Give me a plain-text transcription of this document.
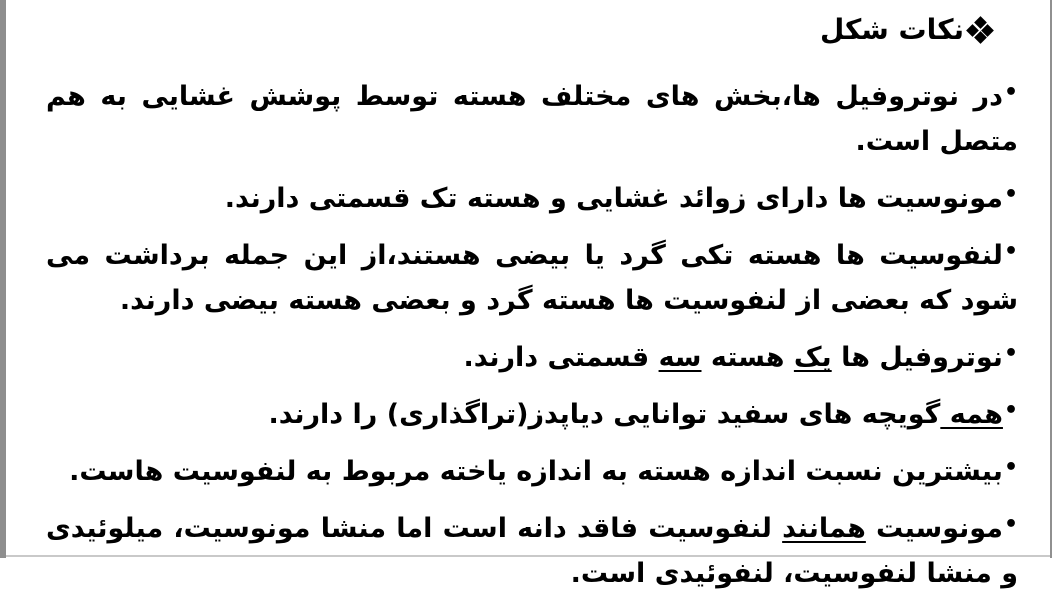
نکات شکل

•در نوتروفیل ها،بخش های مختلف هسته توسط پوشش غشایی به هم متصل است.

•مونوسیت ها دارای زوائد غشایی و هسته تک قسمتی دارند.

•لنفوسیت ها هسته تکی گرد یا بیضی هستند،از این جمله برداشت می شود که بعضی از لنفوسیت ها هسته گرد و بعضی هسته بیضی دارند.

•نوتروفیل ها یک هسته سه قسمتی دارند.

•همه گویچه های سفید توانایی دیاپدز(تراگذاری) را دارند.

•بیشترین نسبت اندازه هسته به اندازه یاخته مربوط به لنفوسیت هاست.

•مونوسیت همانند لنفوسیت فاقد دانه است اما منشا مونوسیت، میلوئیدی و منشا لنفوسیت، لنفوئیدی است.
